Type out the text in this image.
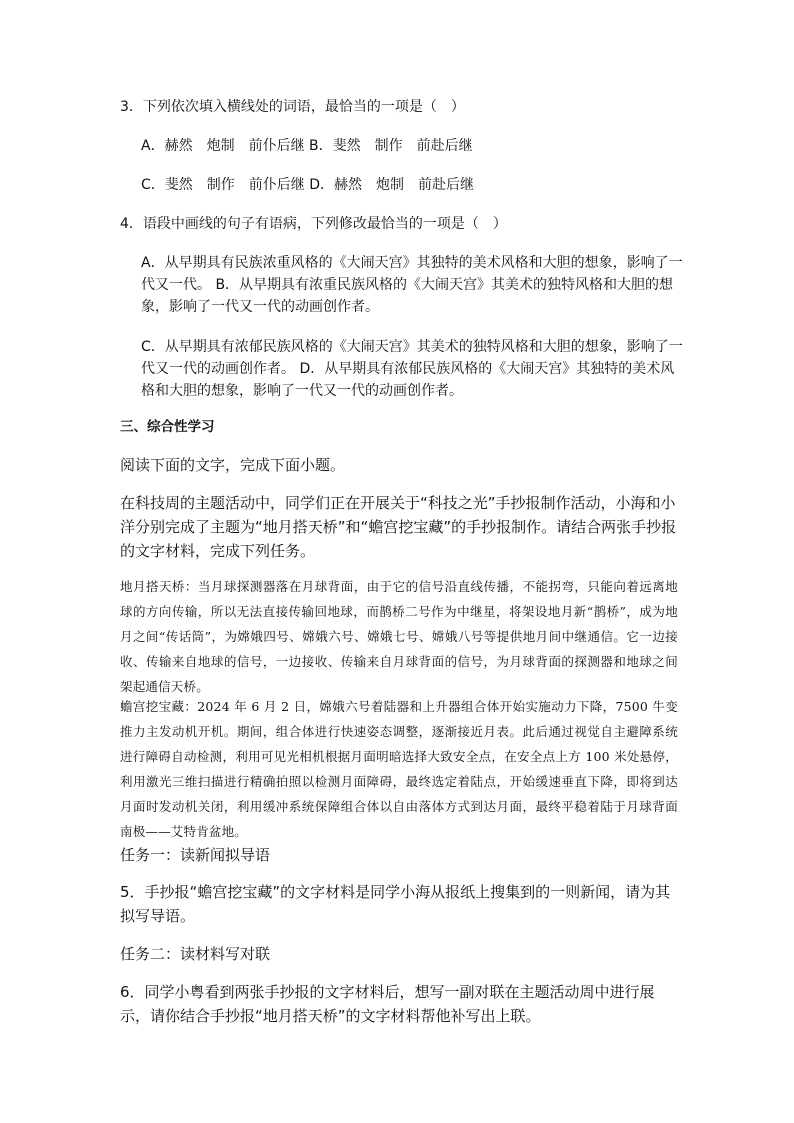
3．下列依次填入横线处的词语，最恰当的一项是（　）
A．赫然　炮制　前仆后继 B．斐然　制作　前赴后继
C．斐然　制作　前仆后继 D．赫然　炮制　前赴后继
4．语段中画线的句子有语病，下列修改最恰当的一项是（　）
A．从早期具有民族浓重风格的《大闹天宫》其独特的美术风格和大胆的想象，影响了一代又一代。 B．从早期具有浓重民族风格的《大闹天宫》其美术的独特风格和大胆的想象，影响了一代又一代的动画创作者。
C．从早期具有浓郁民族风格的《大闹天宫》其美术的独特风格和大胆的想象，影响了一代又一代的动画创作者。 D．从早期具有浓郁民族风格的《大闹天宫》其独特的美术风格和大胆的想象，影响了一代又一代的动画创作者。
三、综合性学习
阅读下面的文字，完成下面小题。
在科技周的主题活动中，同学们正在开展关于“科技之光”手抄报制作活动，小海和小洋分别完成了主题为“地月搭天桥”和“蟾宫挖宝藏”的手抄报制作。请结合两张手抄报的文字材料，完成下列任务。
地月搭天桥：当月球探测器落在月球背面，由于它的信号沿直线传播，不能拐弯，只能向着远离地球的方向传输，所以无法直接传输回地球，而鹊桥二号作为中继星，将架设地月新“鹊桥”，成为地月之间“传话筒”，为嫦娥四号、嫦娥六号、嫦娥七号、嫦娥八号等提供地月间中继通信。它一边接收、传输来自地球的信号，一边接收、传输来自月球背面的信号，为月球背面的探测器和地球之间架起通信天桥。
蟾宫挖宝藏：2024 年 6 月 2 日，嫦娥六号着陆器和上升器组合体开始实施动力下降，7500 牛变推力主发动机开机。期间，组合体进行快速姿态调整，逐渐接近月表。此后通过视觉自主避障系统进行障碍自动检测，利用可见光相机根据月面明暗选择大致安全点，在安全点上方 100 米处悬停，利用激光三维扫描进行精确拍照以检测月面障碍，最终选定着陆点，开始缓速垂直下降，即将到达月面时发动机关闭，利用缓冲系统保障组合体以自由落体方式到达月面，最终平稳着陆于月球背面南极——艾特肯盆地。
任务一：读新闻拟导语
5．手抄报“蟾宫挖宝藏”的文字材料是同学小海从报纸上搜集到的一则新闻，请为其拟写导语。
任务二：读材料写对联
6．同学小粤看到两张手抄报的文字材料后，想写一副对联在主题活动周中进行展示，请你结合手抄报“地月搭天桥”的文字材料帮他补写出上联。
